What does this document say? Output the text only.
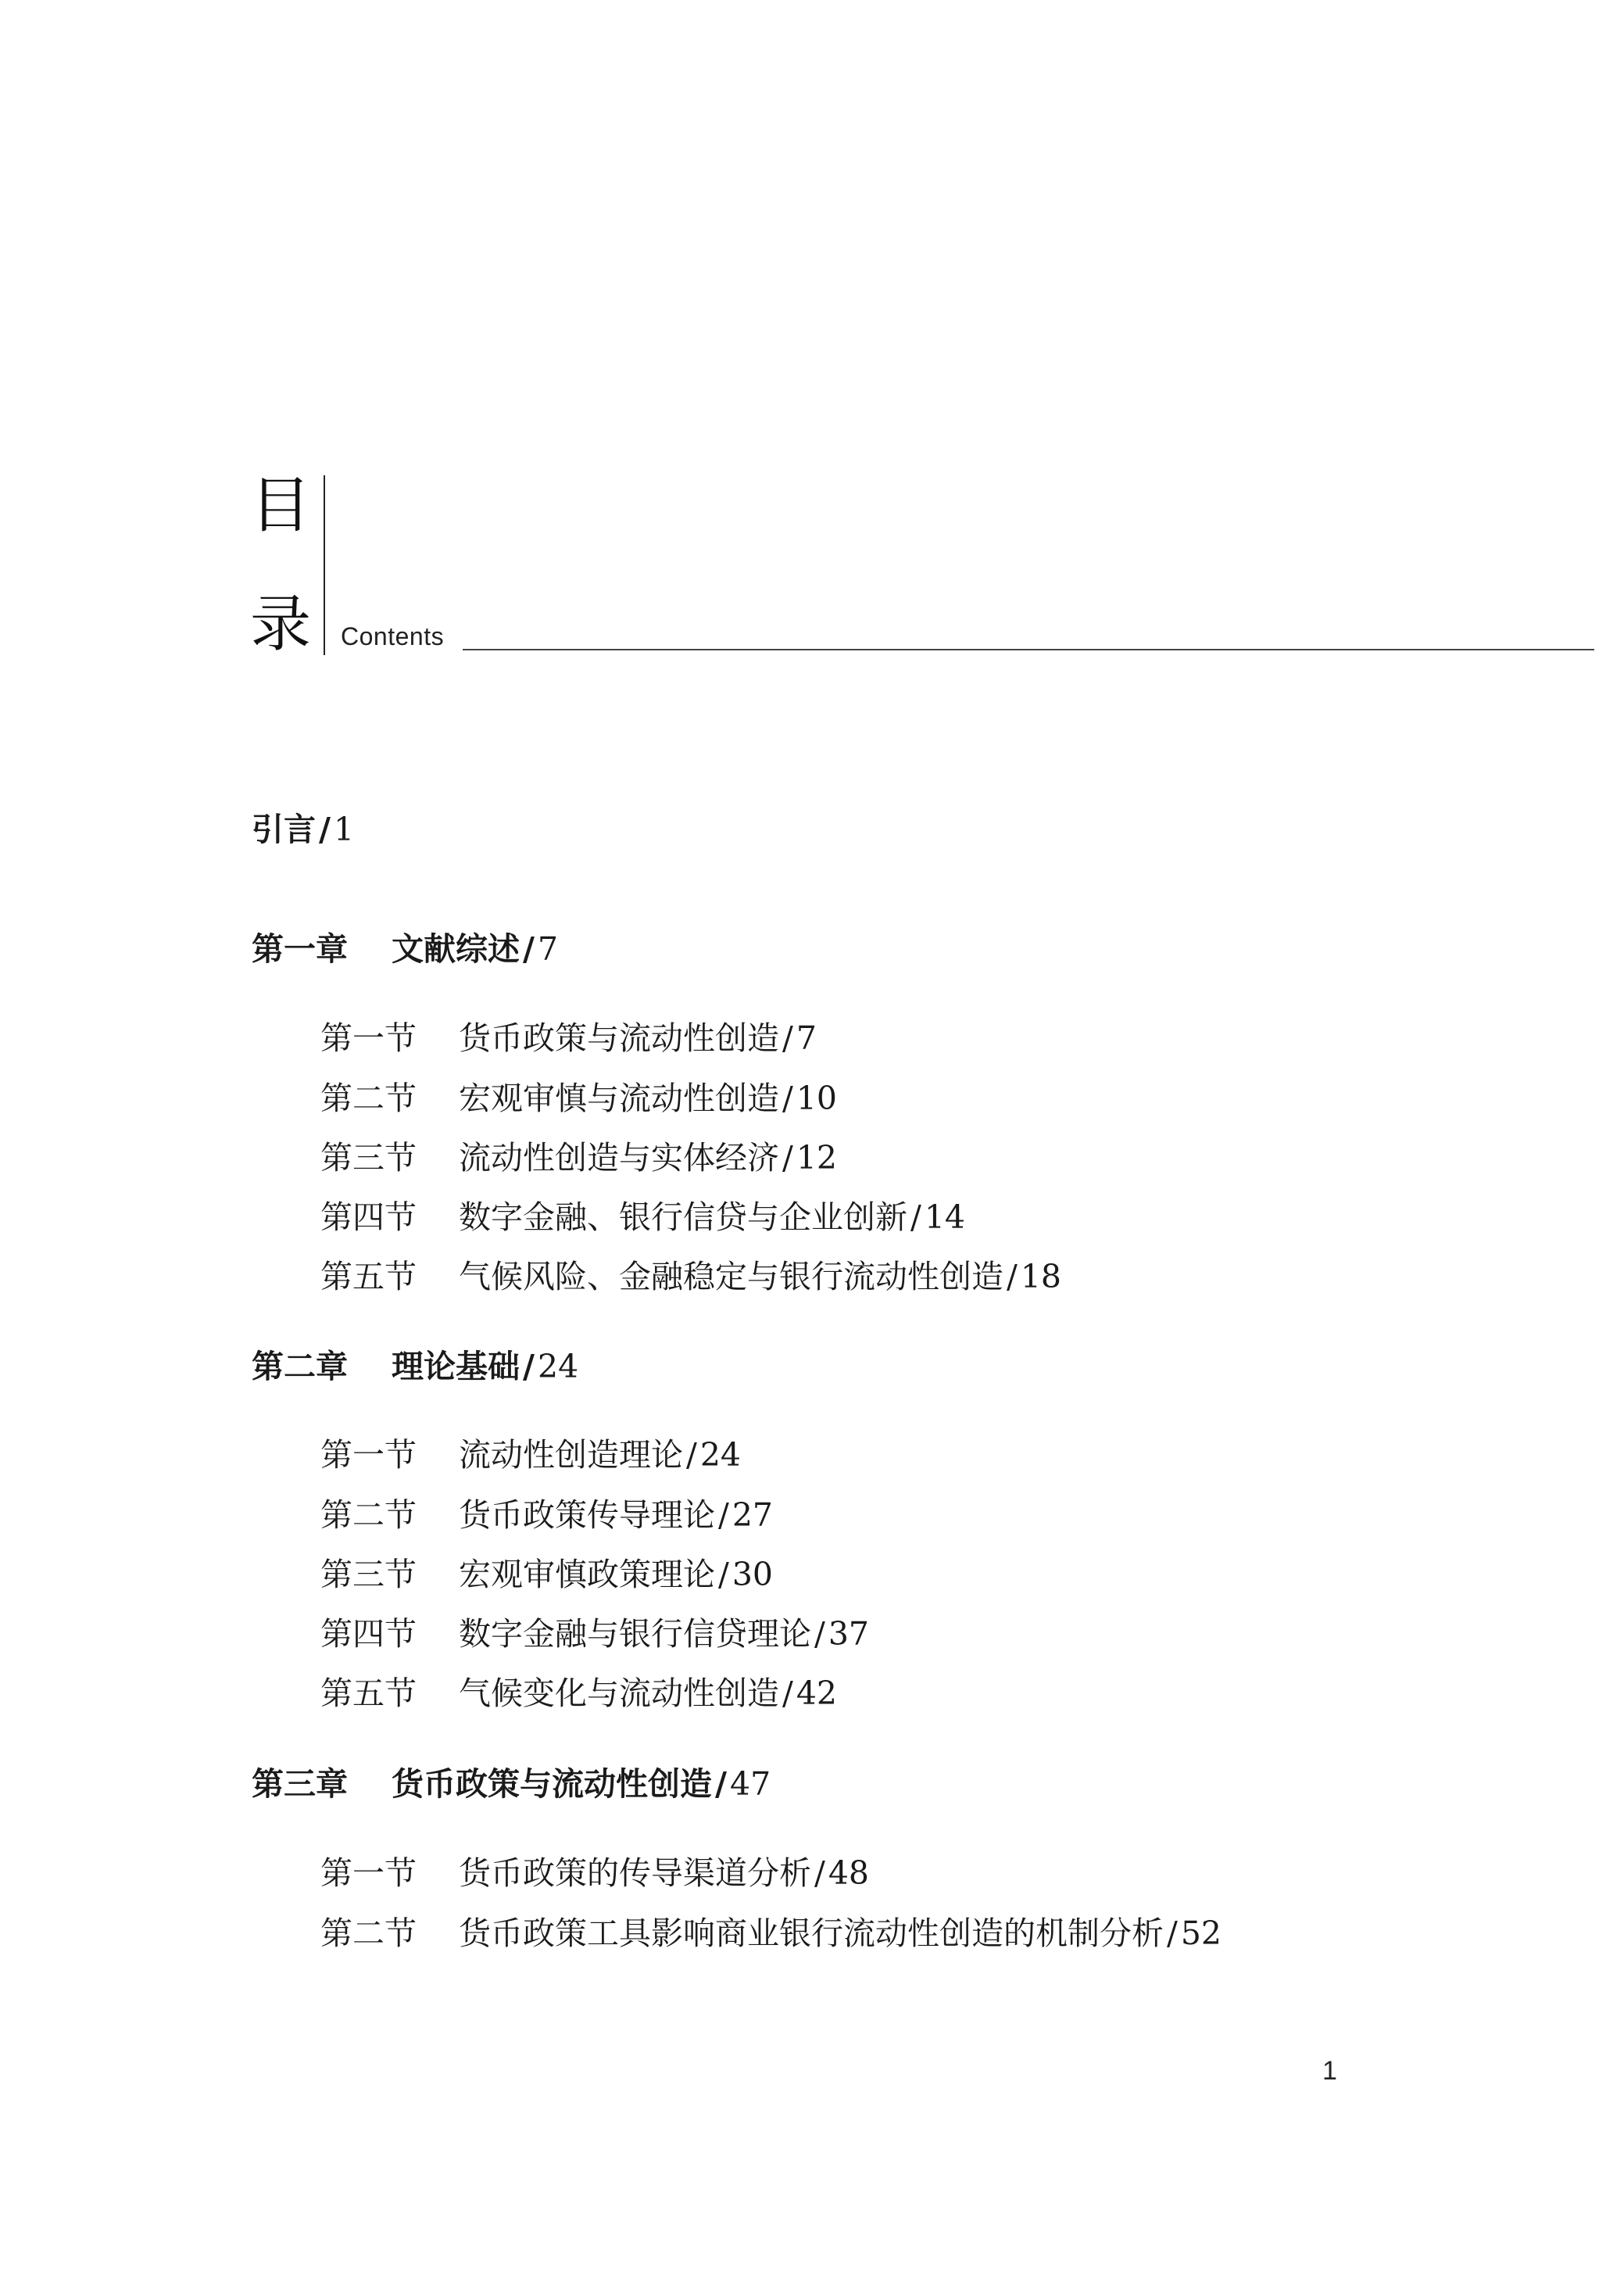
目
录 Contents
引言/1
第一章 文献综述/7
第一节 货币政策与流动性创造/7
第二节 宏观审慎与流动性创造/10
第三节 流动性创造与实体经济/12
第四节 数字金融、银行信贷与企业创新/14
第五节 气候风险、金融稳定与银行流动性创造/18
第二章 理论基础/24
第一节 流动性创造理论/24
第二节 货币政策传导理论/27
第三节 宏观审慎政策理论/30
第四节 数字金融与银行信贷理论/37
第五节 气候变化与流动性创造/42
第三章 货币政策与流动性创造/47
第一节 货币政策的传导渠道分析/48
第二节 货币政策工具影响商业银行流动性创造的机制分析/52
1
